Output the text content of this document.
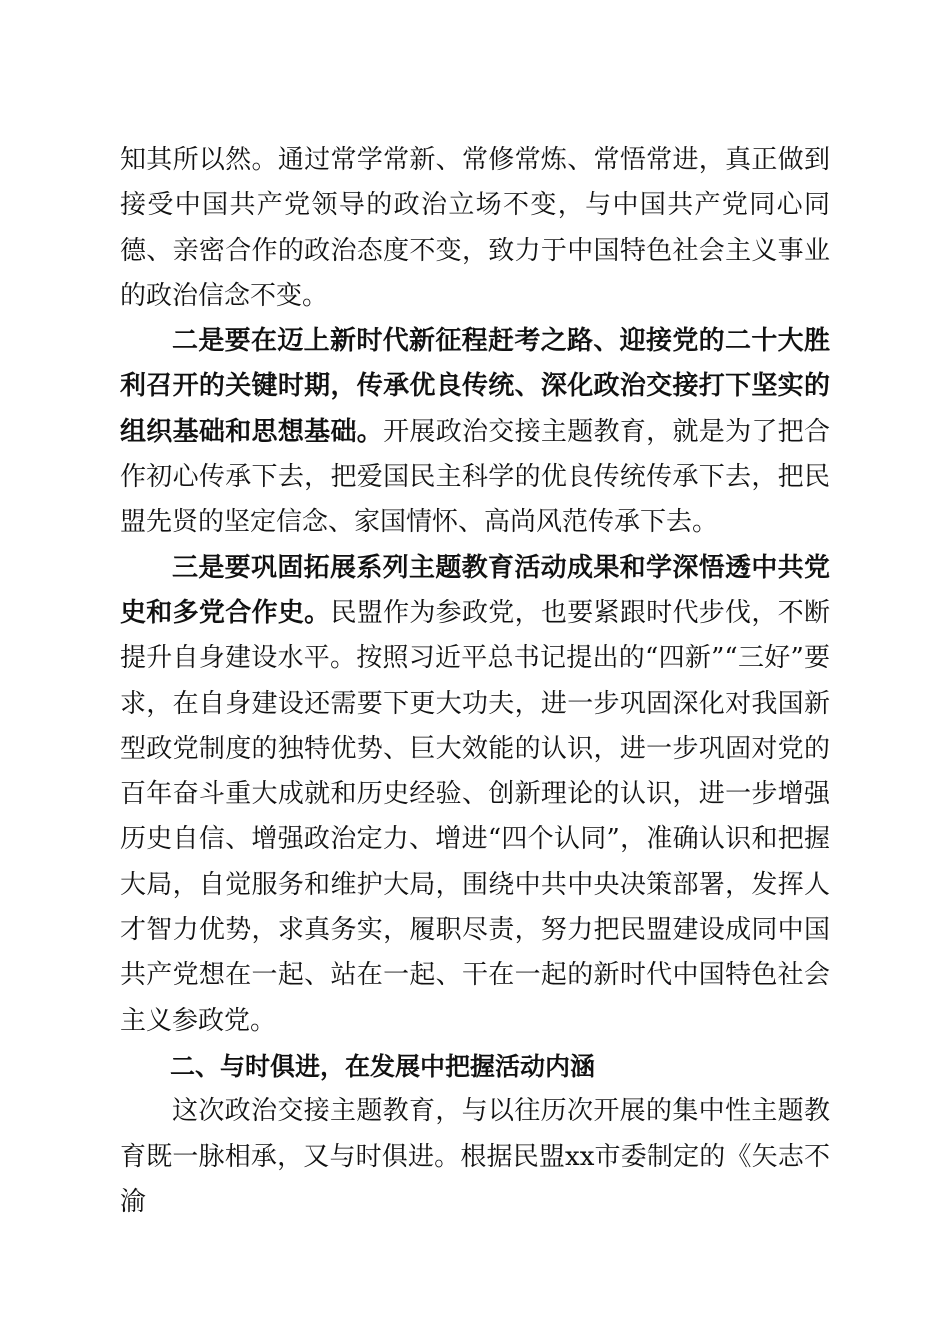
知其所以然。通过常学常新、常修常炼、常悟常进，真正做到接受中国共产党领导的政治立场不变，与中国共产党同心同德、亲密合作的政治态度不变，致力于中国特色社会主义事业的政治信念不变。

二是要在迈上新时代新征程赶考之路、迎接党的二十大胜利召开的关键时期，传承优良传统、深化政治交接打下坚实的组织基础和思想基础。开展政治交接主题教育，就是为了把合作初心传承下去，把爱国民主科学的优良传统传承下去，把民盟先贤的坚定信念、家国情怀、高尚风范传承下去。

三是要巩固拓展系列主题教育活动成果和学深悟透中共党史和多党合作史。民盟作为参政党，也要紧跟时代步伐，不断提升自身建设水平。按照习近平总书记提出的“四新”“三好”要求，在自身建设还需要下更大功夫，进一步巩固深化对我国新型政党制度的独特优势、巨大效能的认识，进一步巩固对党的百年奋斗重大成就和历史经验、创新理论的认识，进一步增强历史自信、增强政治定力、增进“四个认同”，准确认识和把握大局，自觉服务和维护大局，围绕中共中央决策部署，发挥人才智力优势，求真务实，履职尽责，努力把民盟建设成同中国共产党想在一起、站在一起、干在一起的新时代中国特色社会主义参政党。

二、与时俱进，在发展中把握活动内涵

这次政治交接主题教育，与以往历次开展的集中性主题教育既一脉相承，又与时俱进。根据民盟xx市委制定的《矢志不渝
